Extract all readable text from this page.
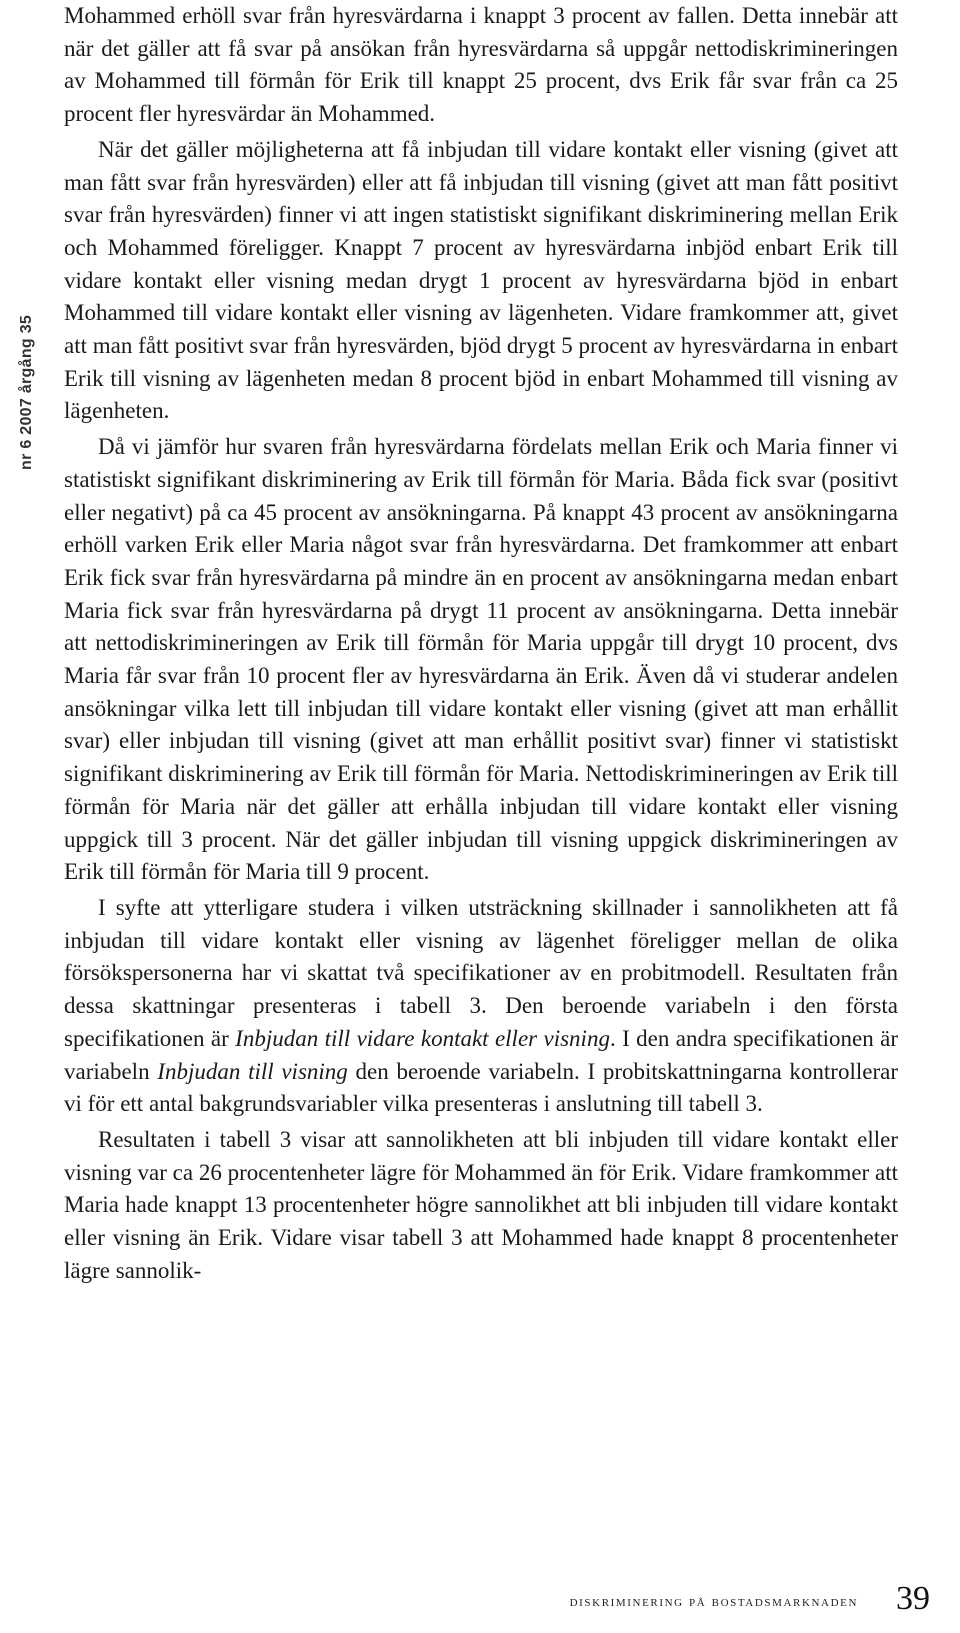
nr 6 2007 årgång 35

Mohammed erhöll svar från hyresvärdarna i knappt 3 procent av fallen. Detta innebär att när det gäller att få svar på ansökan från hyresvärdarna så uppgår nettodiskrimineringen av Mohammed till förmån för Erik till knappt 25 procent, dvs Erik får svar från ca 25 procent fler hyresvärdar än Mohammed.

När det gäller möjligheterna att få inbjudan till vidare kontakt eller visning (givet att man fått svar från hyresvärden) eller att få inbjudan till visning (givet att man fått positivt svar från hyresvärden) finner vi att ingen statistiskt signifikant diskriminering mellan Erik och Mohammed föreligger. Knappt 7 procent av hyresvärdarna inbjöd enbart Erik till vidare kontakt eller visning medan drygt 1 procent av hyresvärdarna bjöd in enbart Mohammed till vidare kontakt eller visning av lägenheten. Vidare framkommer att, givet att man fått positivt svar från hyresvärden, bjöd drygt 5 procent av hyresvärdarna in enbart Erik till visning av lägenheten medan 8 procent bjöd in enbart Mohammed till visning av lägenheten.

Då vi jämför hur svaren från hyresvärdarna fördelats mellan Erik och Maria finner vi statistiskt signifikant diskriminering av Erik till förmån för Maria. Båda fick svar (positivt eller negativt) på ca 45 procent av ansökningarna. På knappt 43 procent av ansökningarna erhöll varken Erik eller Maria något svar från hyresvärdarna. Det framkommer att enbart Erik fick svar från hyresvärdarna på mindre än en procent av ansökningarna medan enbart Maria fick svar från hyresvärdarna på drygt 11 procent av ansökningarna. Detta innebär att nettodiskrimineringen av Erik till förmån för Maria uppgår till drygt 10 procent, dvs Maria får svar från 10 procent fler av hyresvärdarna än Erik. Även då vi studerar andelen ansökningar vilka lett till inbjudan till vidare kontakt eller visning (givet att man erhållit svar) eller inbjudan till visning (givet att man erhållit positivt svar) finner vi statistiskt signifikant diskriminering av Erik till förmån för Maria. Nettodiskrimineringen av Erik till förmån för Maria när det gäller att erhålla inbjudan till vidare kontakt eller visning uppgick till 3 procent. När det gäller inbjudan till visning uppgick diskrimineringen av Erik till förmån för Maria till 9 procent.

I syfte att ytterligare studera i vilken utsträckning skillnader i sannolikheten att få inbjudan till vidare kontakt eller visning av lägenhet föreligger mellan de olika försökspersonerna har vi skattat två specifikationer av en probitmodell. Resultaten från dessa skattningar presenteras i tabell 3. Den beroende variabeln i den första specifikationen är Inbjudan till vidare kontakt eller visning. I den andra specifikationen är variabeln Inbjudan till visning den beroende variabeln. I probitskattningarna kontrollerar vi för ett antal bakgrundsvariabler vilka presenteras i anslutning till tabell 3.

Resultaten i tabell 3 visar att sannolikheten att bli inbjuden till vidare kontakt eller visning var ca 26 procentenheter lägre för Mohammed än för Erik. Vidare framkommer att Maria hade knappt 13 procentenheter högre sannolikhet att bli inbjuden till vidare kontakt eller visning än Erik. Vidare visar tabell 3 att Mohammed hade knappt 8 procentenheter lägre sannolik-

diskriminering på bostadsmarknaden 39
